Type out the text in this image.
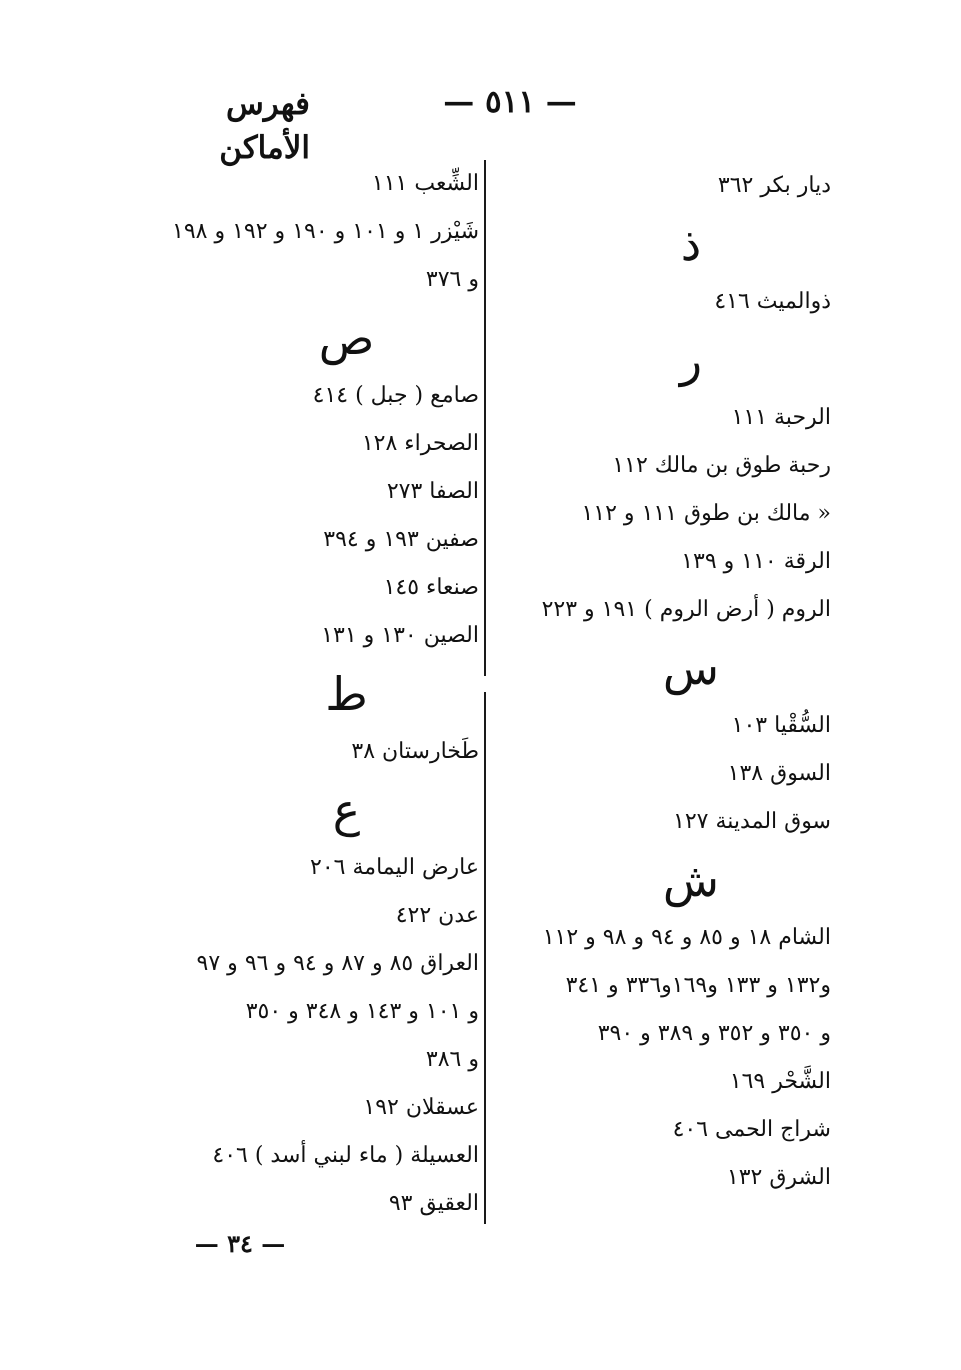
فهرس الأماكن
— ٥١١ —
ديار بكر ٣٦٢
ذ
ذوالميث ٤١٦
ر
الرحبة ١١١
رحبة طوق بن مالك ١١٢
« مالك بن طوق ١١١ و ١١٢
الرقة ١١٠ و ١٣٩
الروم ( أرض الروم ) ١٩١ و ٢٢٣
س
السُّقْيا ١٠٣
السوق ١٣٨
سوق المدينة ١٢٧
ش
الشام ١٨ و ٨٥ و ٩٤ و ٩٨ و ١١٢
و١٣٢ و ١٣٣ و١٦٩و٣٣٦ و ٣٤١
و ٣٥٠ و ٣٥٢ و ٣٨٩ و ٣٩٠
الشَّحْر ١٦٩
شراج الحمى ٤٠٦
الشرق ١٣٢
الشِّعب ١١١
شَيْزر ١ و ١٠١ و ١٩٠ و ١٩٢ و ١٩٨
و ٣٧٦
ص
صامع ( جبل ) ٤١٤
الصحراء ١٢٨
الصفا ٢٧٣
صفين ١٩٣ و ٣٩٤
صنعاء ١٤٥
الصين ١٣٠ و ١٣١
ط
طَخارستان ٣٨
ع
عارض اليمامة ٢٠٦
عدن ٤٢٢
العراق ٨٥ و ٨٧ و ٩٤ و ٩٦ و ٩٧
و ١٠١ و ١٤٣ و ٣٤٨ و ٣٥٠
و ٣٨٦
عسقلان ١٩٢
العسيلة ( ماء لبني أسد ) ٤٠٦
العقيق ٩٣
— ٣٤ —
